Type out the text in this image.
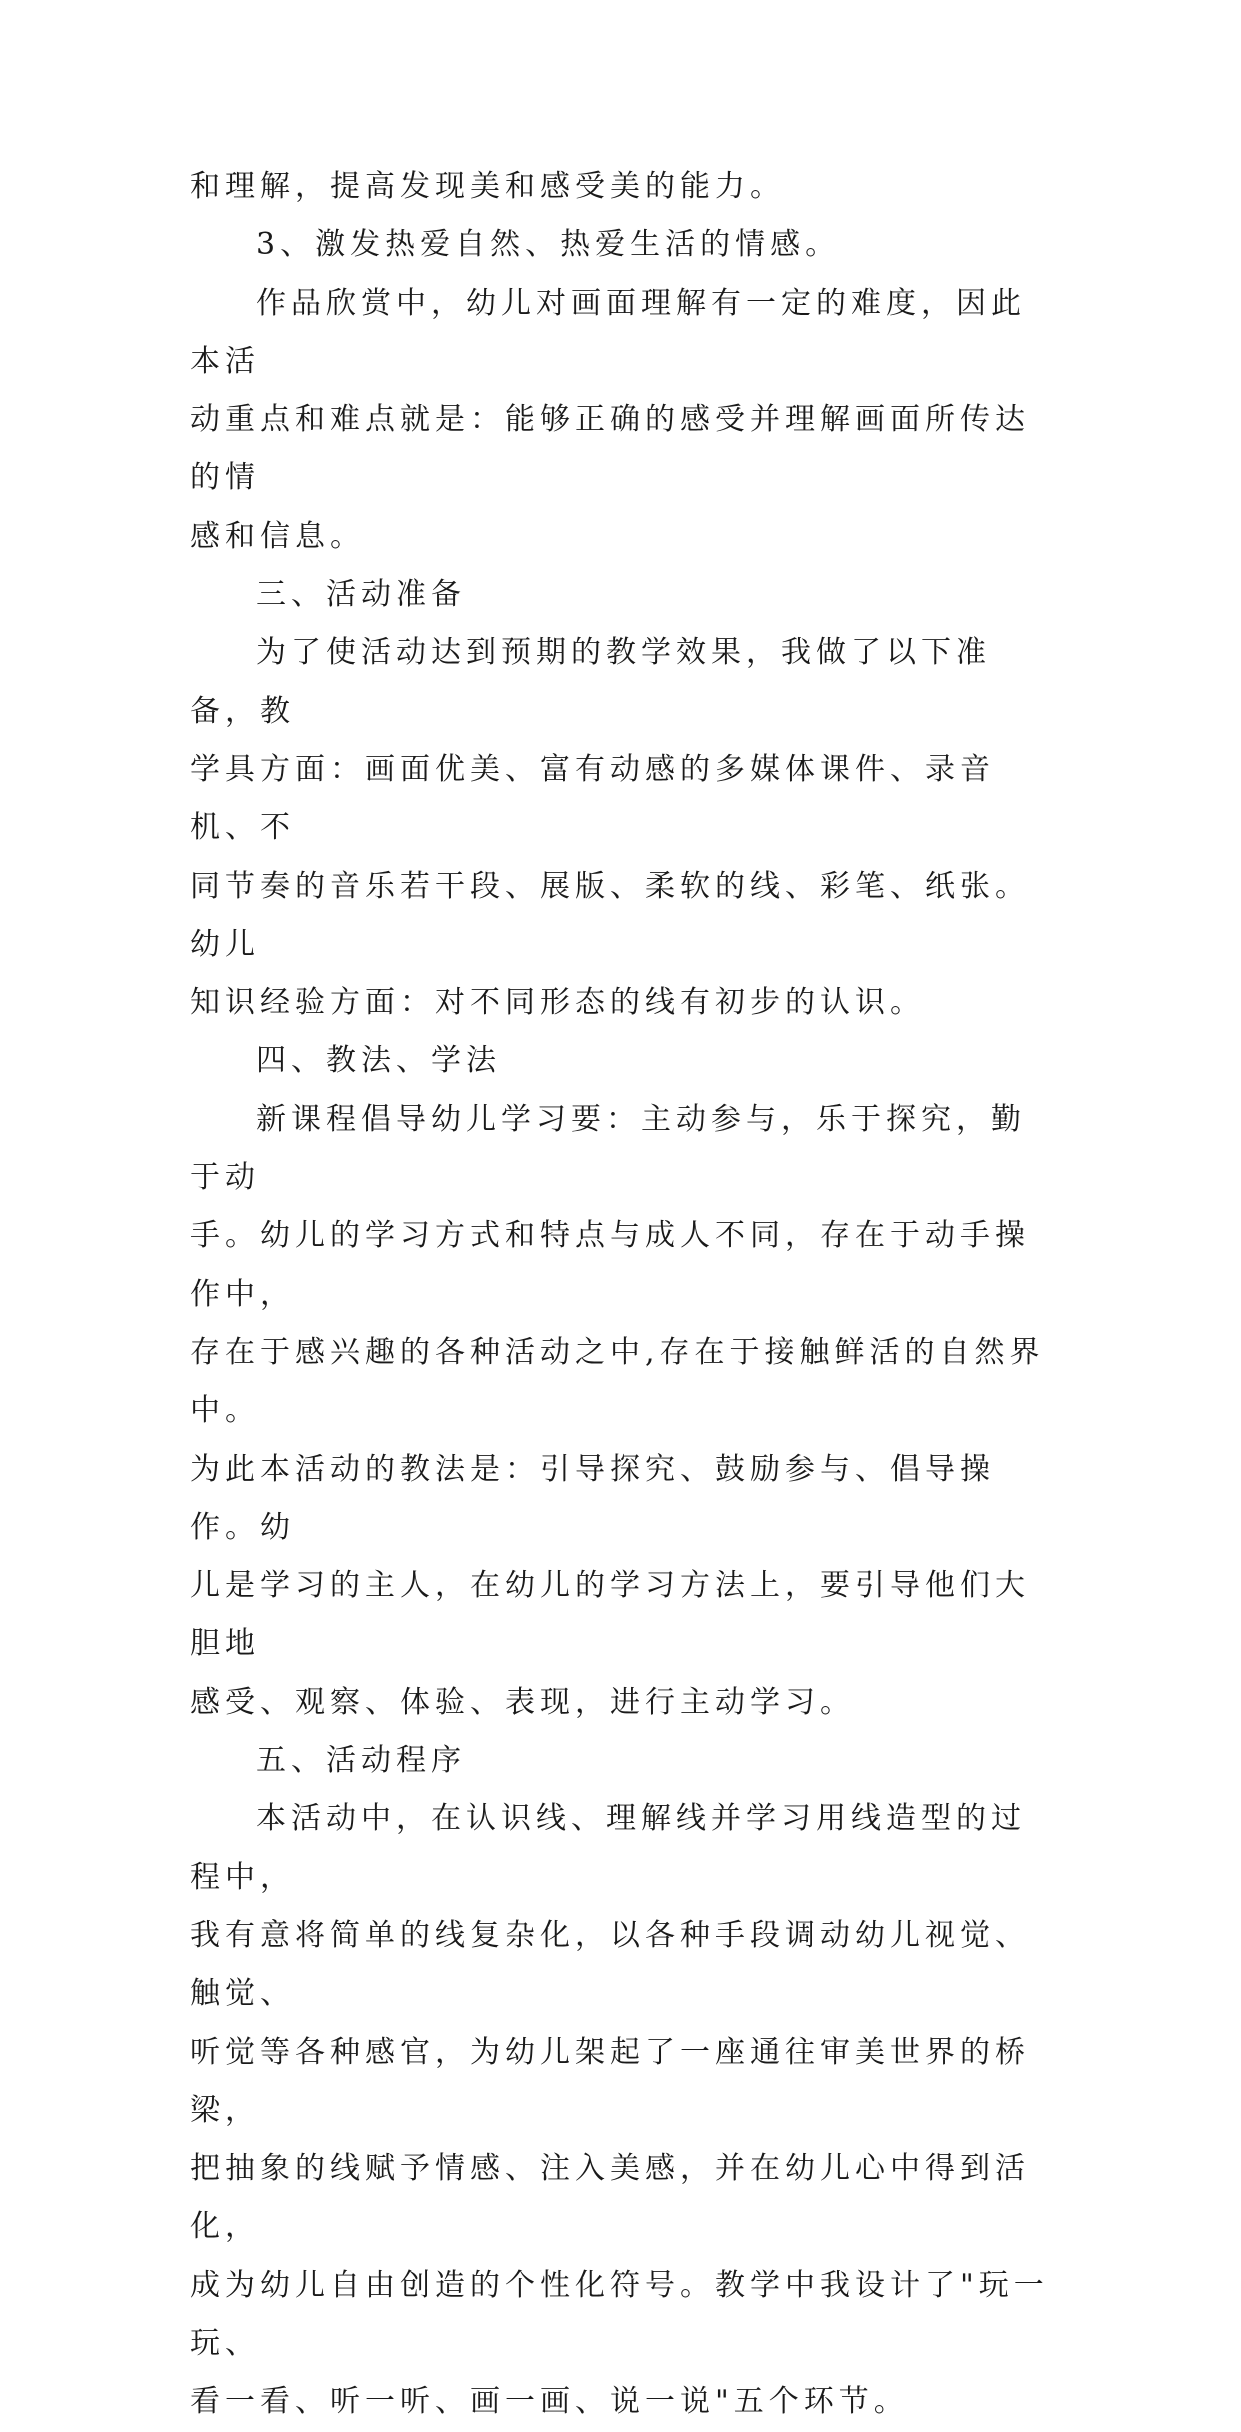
和理解，提高发现美和感受美的能力。

3、激发热爱自然、热爱生活的情感。

作品欣赏中，幼儿对画面理解有一定的难度，因此本活
动重点和难点就是：能够正确的感受并理解画面所传达的情
感和信息。

三、活动准备

为了使活动达到预期的教学效果，我做了以下准备，教
学具方面：画面优美、富有动感的多媒体课件、录音机、不
同节奏的音乐若干段、展版、柔软的线、彩笔、纸张。幼儿
知识经验方面：对不同形态的线有初步的认识。

四、教法、学法

新课程倡导幼儿学习要：主动参与，乐于探究，勤于动
手。幼儿的学习方式和特点与成人不同，存在于动手操作中，
存在于感兴趣的各种活动之中,存在于接触鲜活的自然界中。
为此本活动的教法是：引导探究、鼓励参与、倡导操作。幼
儿是学习的主人，在幼儿的学习方法上，要引导他们大胆地
感受、观察、体验、表现，进行主动学习。

五、活动程序

本活动中，在认识线、理解线并学习用线造型的过程中，
我有意将简单的线复杂化，以各种手段调动幼儿视觉、触觉、
听觉等各种感官，为幼儿架起了一座通往审美世界的桥梁，
把抽象的线赋予情感、注入美感，并在幼儿心中得到活化，
成为幼儿自由创造的个性化符号。教学中我设计了"玩一玩、
看一看、听一听、画一画、说一说"五个环节。
